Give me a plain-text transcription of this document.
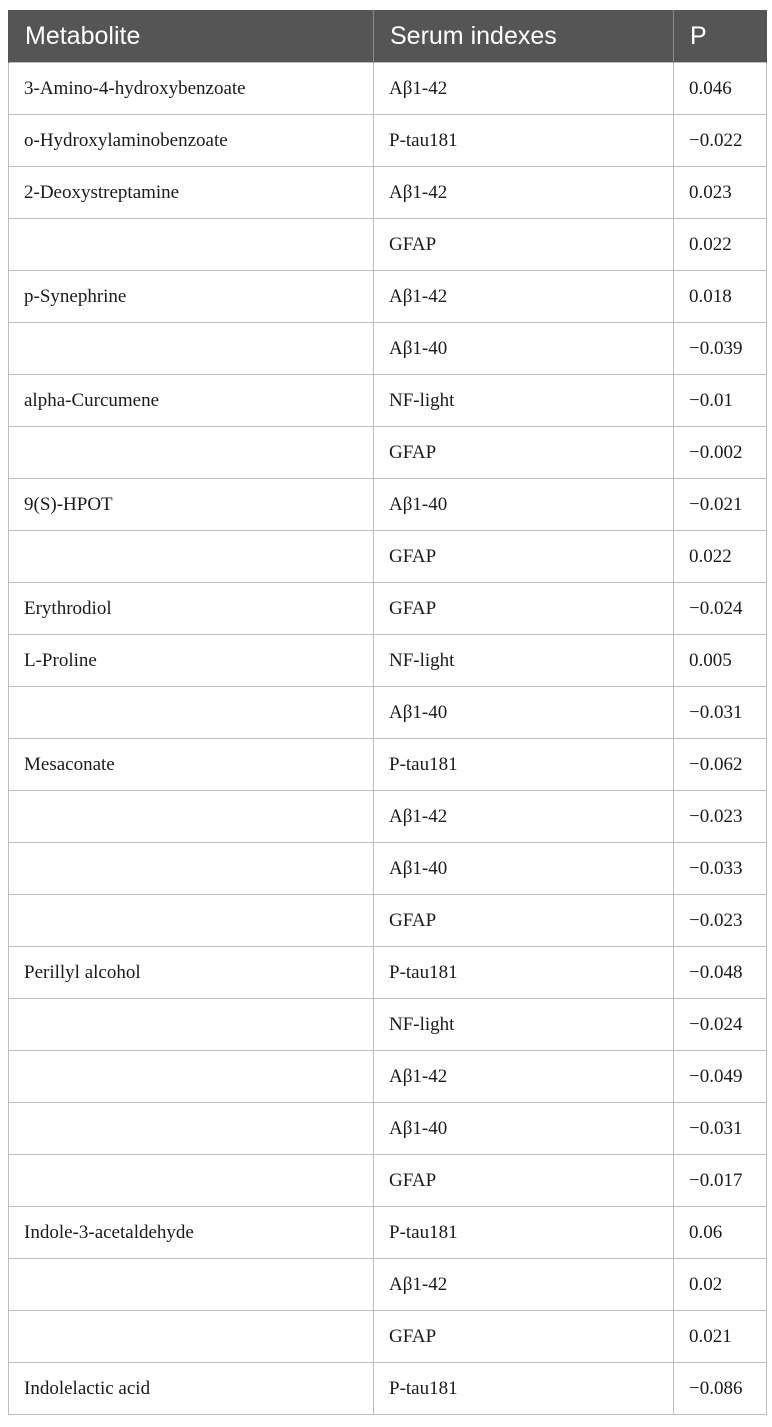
Metabolite	Serum indexes	P
3-Amino-4-hydroxybenzoate	Aβ1-42	0.046
o-Hydroxylaminobenzoate	P-tau181	−0.022
2-Deoxystreptamine	Aβ1-42	0.023
	GFAP	0.022
p-Synephrine	Aβ1-42	0.018
	Aβ1-40	−0.039
alpha-Curcumene	NF-light	−0.01
	GFAP	−0.002
9(S)-HPOT	Aβ1-40	−0.021
	GFAP	0.022
Erythrodiol	GFAP	−0.024
L-Proline	NF-light	0.005
	Aβ1-40	−0.031
Mesaconate	P-tau181	−0.062
	Aβ1-42	−0.023
	Aβ1-40	−0.033
	GFAP	−0.023
Perillyl alcohol	P-tau181	−0.048
	NF-light	−0.024
	Aβ1-42	−0.049
	Aβ1-40	−0.031
	GFAP	−0.017
Indole-3-acetaldehyde	P-tau181	0.06
	Aβ1-42	0.02
	GFAP	0.021
Indolelactic acid	P-tau181	−0.086
